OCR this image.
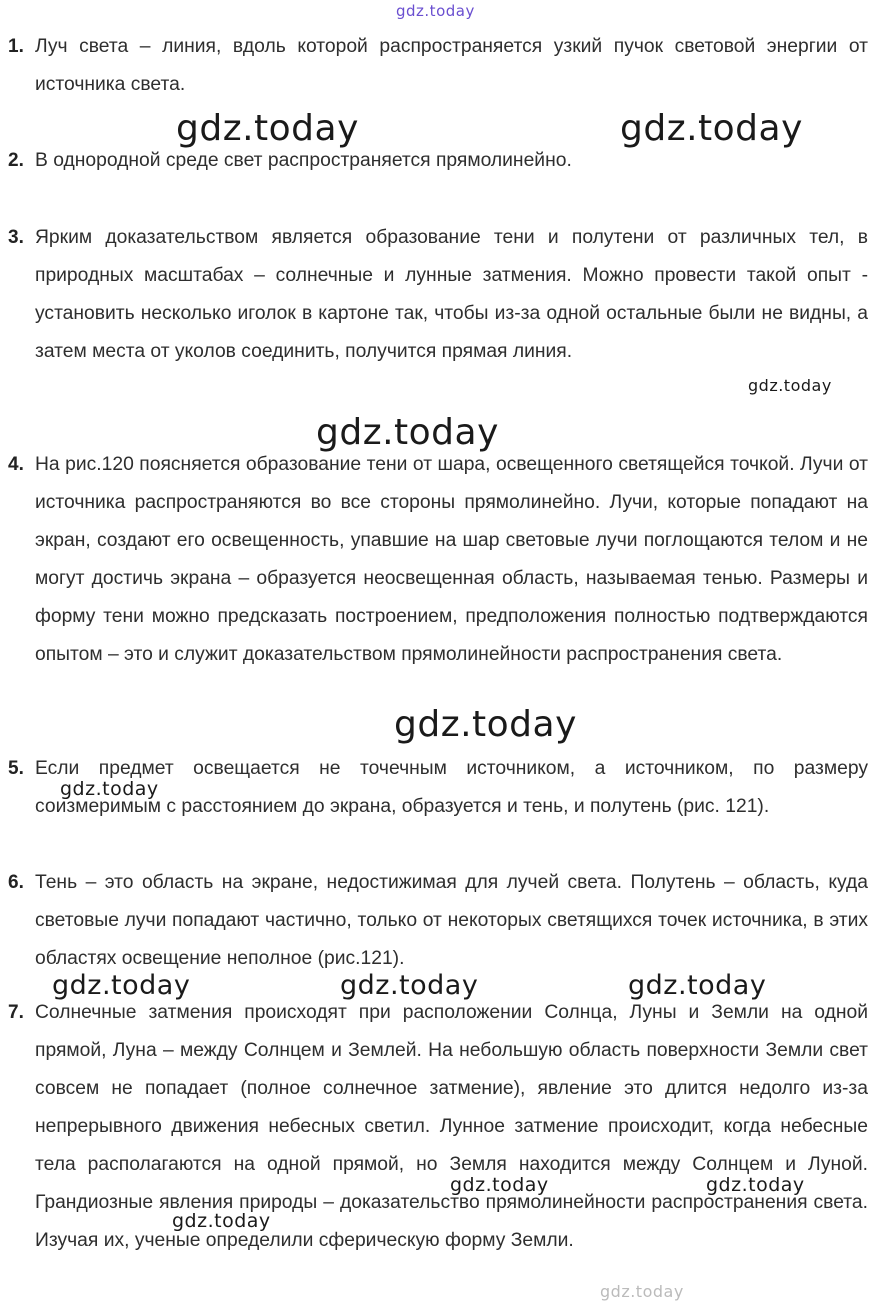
gdz.today
1. Луч света – линия, вдоль которой распространяется узкий пучок световой энергии от источника света.

2. В однородной среде свет распространяется прямолинейно.

3. Ярким доказательством является образование тени и полутени от различных тел, в природных масштабах – солнечные и лунные затмения. Можно провести такой опыт - установить несколько иголок в картоне так, чтобы из-за одной остальные были не видны, а затем места от уколов соединить, получится прямая линия.

4. На рис.120 поясняется образование тени от шара, освещенного светящейся точкой. Лучи от источника распространяются во все стороны прямолинейно. Лучи, которые попадают на экран, создают его освещенность, упавшие на шар световые лучи поглощаются телом и не могут достичь экрана – образуется неосвещенная область, называемая тенью. Размеры и форму тени можно предсказать построением, предположения полностью подтверждаются опытом – это и служит доказательством прямолинейности распространения света.

5. Если предмет освещается не точечным источником, а источником, по размеру соизмеримым с расстоянием до экрана, образуется и тень, и полутень (рис. 121).

6. Тень – это область на экране, недостижимая для лучей света. Полутень – область, куда световые лучи попадают частично, только от некоторых светящихся точек источника, в этих областях освещение неполное (рис.121).

7. Солнечные затмения происходят при расположении Солнца, Луны и Земли на одной прямой, Луна – между Солнцем и Землей. На небольшую область поверхности Земли свет совсем не попадает (полное солнечное затмение), явление это длится недолго из-за непрерывного движения небесных светил. Лунное затмение происходит, когда небесные тела располагаются на одной прямой, но Земля находится между Солнцем и Луной. Грандиозные явления природы – доказательство прямолинейности распространения света. Изучая их, ученые определили сферическую форму Земли.

gdz.today	gdz.today
gdz.today
gdz.today
gdz.today
gdz.today
gdz.today	gdz.today	gdz.today
gdz.today	gdz.today
gdz.today
gdz.today
